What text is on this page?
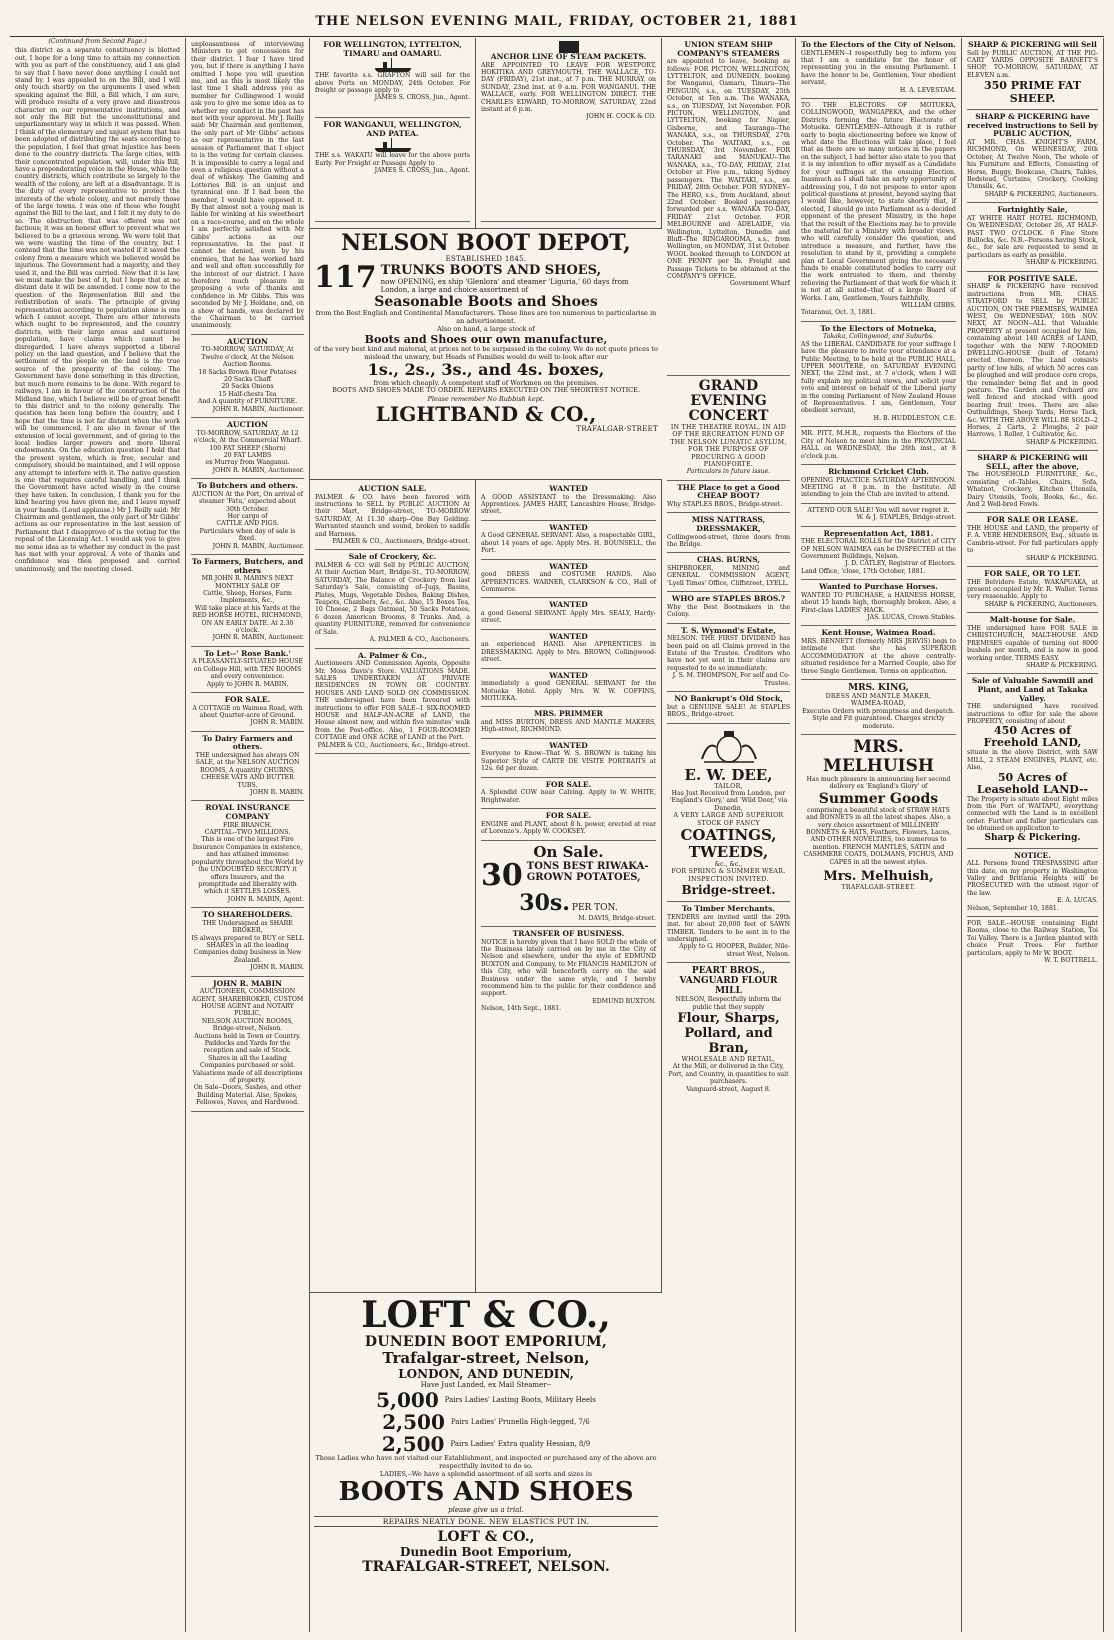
THE NELSON EVENING MAIL, FRIDAY, OCTOBER 21, 1881
(Continued from Second Page.)
this district as a separate constituency is blotted out, I hope for a long time to attain my connection with you as part of the constituency, and I am glad to say that I have never done anything I could not stand by. I was appealed to on the Bill, and I will only touch shortly on the arguments I used when speaking against the Bill, a Bill which, I am sure, will produce results of a very grave and disastrous character on our representative institutions, and not only the Bill but the unconstitutional and unparliamentary way in which it was passed. When I think of the elementary and unjust system that has been adopted of distributing the seats according to the population, I feel that great injustice has been done to the country districts. The large cities, with their concentrated population, will, under this Bill, have a preponderating voice in the House, while the country districts, which contribute so largely to the wealth of the colony, are left at a disadvantage. It is the duty of every representative to protect the interests of the whole colony, and not merely those of the large towns. I was one of those who fought against the Bill to the last, and I felt it my duty to do so. The obstruction that was offered was not factious; it was an honest effort to prevent what we believed to be a grievous wrong. We were told that we were wasting the time of the country, but I contend that the time was not wasted if it saved the colony from a measure which we believed would be injurious. The Government had a majority, and they used it, and the Bill was carried. Now that it is law, we must make the best of it, but I hope that at no distant date it will be amended. I come now to the question of the Representation Bill and the redistribution of seats. The principle of giving representation according to population alone is one which I cannot accept. There are other interests which ought to be represented, and the country districts, with their large areas and scattered population, have claims which cannot be disregarded. I have always supported a liberal policy on the land question, and I believe that the settlement of the people on the land is the true source of the prosperity of the colony. The Government have done something in this direction, but much more remains to be done. With regard to railways, I am in favour of the construction of the Midland line, which I believe will be of great benefit to this district and to the colony generally. The question has been long before the country, and I hope that the time is not far distant when the work will be commenced. I am also in favour of the extension of local government, and of giving to the local bodies larger powers and more liberal endowments. On the education question I hold that the present system, which is free, secular and compulsory, should be maintained, and I will oppose any attempt to interfere with it. The native question is one that requires careful handling, and I think the Government have acted wisely in the course they have taken. In conclusion, I thank you for the kind hearing you have given me, and I leave myself in your hands. (Loud applause.) Mr J. Reilly said: Mr Chairman and gentlemen, the only part of Mr Gibbs' actions as our representative in the last session of Parliament that I disapprove of is the voting for the repeal of the Licensing Act. I would ask you to give me some idea as to whether my conduct in the past has met with your approval. A vote of thanks and confidence was then proposed and carried unanimously, and the meeting closed.
unpleasantness of interviewing Ministers to get concessions for their district. I fear I have tired you, but if there is anything I have omitted I hope you will question me, and as this is most likely the last time I shall address you as member for Collingwood I would ask you to give me some idea as to whether my conduct in the past has met with your approval. Mr J. Reilly said: Mr Chairman and gentlemen, the only part of Mr Gibbs' actions as our representative in the last session of Parliament that I object to is the voting for certain clauses. It is impossible to carry a legal and even a religious question without a deal of whiskey. The Gaming and Lotteries Bill is an unjust and tyrannical one. If I had been the member, I would have opposed it. By that almost not a young man is liable for winking at his sweetheart on a race-course, and on the whole I am perfectly satisfied with Mr Gibbs' actions as our representative. In the past it cannot be denied, even by his enemies, that he has worked hard and well and often successfully for the interest of our district. I have therefore much pleasure in proposing a vote of thanks and confidence in Mr Gibbs. This was seconded by Mr J. Holdane, and, on a show of hands, was declared by the Chairman to be carried unanimously.
AUCTION
TO-MORROW, SATURDAY, At Twelve o'clock, At the Nelson Auction Rooms.
18 Sacks Brown River Potatoes
20 Sacks Chaff
20 Sacks Onions
15 Half-chests Tea
And A quantity of FURNITURE.
JOHN R. MABIN, Auctioneer.
AUCTION
TO-MORROW, SATURDAY, At 12 o'clock, At the Commercial Wharf.
100 FAT SHEEP (Shorn)
20 FAT LAMBS
ex Murray from Wanganui.
JOHN R. MABIN, Auctioneer.
To Butchers and others.
AUCTION At the Port, On arrival of steamer 'Fatu,' expected about 30th October.
Her cargo of
CATTLE AND PIGS.
Particulars when day of sale is fixed.
JOHN R. MABIN, Auctioneer.
To Farmers, Butchers, and others
MR JOHN R. MABIN'S NEXT MONTHLY SALE OF
Cattle, Sheep, Horses, Farm Implements, &c.,
Will take place at his Yards at the RED HORSE HOTEL, RICHMOND,
ON AN EARLY DATE. At 2.30 o'clock.
JOHN R. MABIN, Auctioneer.
To Let--' Rose Bank.'
A PLEASANTLY-SITUATED HOUSE on College Hill, with TEN ROOMS and every convenience.
Apply to JOHN R. MABIN.
FOR SALE.
A COTTAGE on Waimea Road, with about Quarter-acre of Ground.
JOHN R. MABIN.
To Dairy Farmers and others.
THE undersigned has always ON SALE, at the NELSON AUCTION ROOMS, A quantity CHURNS, CHEESE VATS AND BUTTER TUBS.
JOHN R. MABIN.
ROYAL INSURANCE COMPANY
FIRE BRANCH.
CAPITAL--TWO MILLIONS.
This is one of the largest Fire Insurance Companies in existence, and has attained immense popularity throughout the World by the UNDOUBTED SECURITY it offers Insurers, and the promptitude and liberality with which it SETTLES LOSSES.
JOHN R. MABIN, Agent.
TO SHAREHOLDERS.
THE Undersigned as SHARE BROKER,
IS always prepared to BUY or SELL SHARES in all the leading Companies doing business in New Zealand.
JOHN R. MABIN.
JOHN R. MABIN
AUCTIONEER, COMMISSION AGENT, SHAREBROKER, CUSTOM HOUSE AGENT and NOTARY PUBLIC,
NELSON AUCTION ROOMS, Bridge-street, Nelson.
Auctions held in Town or Country. Paddocks and Yards for the reception and sale of Stock.
Shares in all the Leading Companies purchased or sold.
Valuations made of all descriptions of property.
On Sale--Doors, Sashes, and other Building Material. Also, Spokes, Fellowes, Naves, and Hardwood.
FOR WELLINGTON, LYTTELTON, TIMARU and OAMARU.
THE favorite s.s. GRAFTON will sail for the above Ports on MONDAY, 24th October. For freight or passage apply to
JAMES S. CROSS, Jun., Agent.
FOR WANGANUI, WELLINGTON, AND PATEA.
THE s.s. WAKATU will leave for the above ports Early. For Freight or Passage Apply to
JAMES S. CROSS, Jun., Agent.
ANCHOR LINE OF STEAM PACKETS.
ARE APPOINTED TO LEAVE FOR WESTPORT, HOKITIKA AND GREYMOUTH. THE WALLACE, TO-DAY (FRIDAY), 21st inst., at 7 p.m. THE MURRAY, on SUNDAY, 23nd inst. at 9 a.m. FOR WANGANUI. THE WALLACE, early. FOR WELLINGTON DIRECT. THE CHARLES EDWARD, TO-MORROW, SATURDAY, 22nd instant at 6 p.m.
JOHN H. COCK & CO.
UNION STEAM SHIP COMPANY'S STEAMERS
are appointed to leave, booking as follows: FOR PICTON, WELLINGTON, LYTTELTON, and DUNEDIN, booking for Wanganui, Oamaru, Timaru--The PENGUIN, s.s., on TUESDAY, 25th October, at Ten a.m. The WANAKA, s.s., on TUESDAY, 1st November. FOR PICTON, WELLINGTON, and LYTTELTON, booking for Napier, Gisborne, and Tauranga--The WANAKA, s.s., on THURSDAY, 27th October. The WAITAKI, s.s., on THURSDAY, 3rd November. FOR TARANAKI and MANUKAU--The WANAKA, s.s., TO-DAY, FRIDAY, 21st October at Five p.m., taking Sydney passengers. The WAITAKI, s.s., on FRIDAY, 28th October. FOR SYDNEY--The HERO, s.s., from Auckland, about 22nd October. Booked passengers forwarded per s.s. WANAKA TO-DAY, FRIDAY 21st October. FOR MELBOURNE and ADELAIDE, via Wellington, Lyttelton, Dunedin and Bluff--The RINGAROOMA, s.s., from Wellington, on MONDAY, 31st October. WOOL booked through to LONDON at ONE PENNY per lb. Freight and Passage Tickets to be obtained at the COMPANY'S OFFICE.
Government Wharf
GRAND EVENING CONCERT
IN THE THEATRE ROYAL, IN AID OF THE RECREATION FUND OF THE NELSON LUNATIC ASYLUM,
FOR THE PURPOSE OF PROCURING A GOOD PIANOFORTE.
Particulars in future issue.
THE Place to get a Good CHEAP BOOT?
Why STAPLES BROS., Bridge-street.
MISS NATTRASS, DRESSMAKER,
Collingwood-street, three doors from the Bridge.
CHAS. BURNS,
SHIPBROKER, MINING and GENERAL COMMISSION AGENT, 'Lyell Times' Office, Cliffstreet, LYELL.
WHO are STAPLES BROS.?
Why the Best Bootmakers in the Colony.
T. S. Wymond's Estate,
NELSON. THE FIRST DIVIDEND has been paid on all Claims proved in the Estate of the Trustee. Creditors who have not yet sent in their claims are requested to do so immediately.
J. S. M. THOMPSON, For self and Co-Trustee.
NO Bankrupt's Old Stock,
but a GENUINE SALE! At STAPLES BROS., Bridge-street.
E. W. DEE,
TAILOR,
Has Just Received from London, per 'England's Glory,' and 'Wild Deer,' via Dunedin,
A VERY LARGE AND SUPERIOR STOCK OF FANCY
COATINGS,
TWEEDS,
&c., &c.,
FOR SPRING & SUMMER WEAR.
INSPECTION INVITED.
Bridge-street.
To Timber Merchants.
TENDERS are invited until the 29th inst. for about 20,000 feet of SAWN TIMBER. Tenders to be sent in to the undersigned.
Apply to G. HOOPER, Builder, Nile-street West, Nelson.
PEART BROS.,
VANGUARD FLOUR MILL
NELSON, Respectfully inform the public that they supply
Flour, Sharps, Pollard, and Bran,
WHOLESALE AND RETAIL,
At the Mill, or delivered in the City, Port, and Country, in quantities to suit purchasers.
Vanguard-street, August 8.
To the Electors of the City of Nelson.
GENTLEMEN--I respectfully beg to inform you that I am a candidate for the honor of representing you in the ensuing Parliament. I have the honor to be, Gentlemen, Your obedient servant,
H. A. LEVESTAM.
TO THE ELECTORS OF MOTUEKA, COLLINGWOOD, WANGAPEKA, and the other Districts forming the future Electorate of Motueka. GENTLEMEN--Although it is rather early to begin electioneering before we know of what date the Elections will take place, I feel that as there are so many notices in the papers on the subject, I had better also state to you that it is my intention to offer myself as a Candidate for your suffrages at the ensuing Election. Inasmuch as I shall take an early opportunity of addressing you, I do not propose to enter upon political questions at present, beyond saying that I would like, however, to state shortly that, if elected, I should go into Parliament as a decided opponent of the present Ministry, in the hope that the result of the Elections may be to provide the material for a Ministry with broader views, who will carefully consider the question, and introduce a measure, and further, have the resolution to stand by it, providing a complete plan of Local Government giving the necessary funds to enable constituted bodies to carry out the work entrusted to them, and thereby relieving the Parliament of that work for which it is not at all suited--that of a large Board of Works. I am, Gentlemen, Yours faithfully,
WILLIAM GIBBS.
Totaranui, Oct. 3, 1881.
To the Electors of Motueka,
Takaka, Collingwood, and Suburbs.
AS the LIBERAL CANDIDATE for your suffrage I have the pleasure to invite your attendance at a Public Meeting, to be held at the PUBLIC HALL, UPPER MOUTERE, on SATURDAY EVENING NEXT, the 22nd inst., at 7 o'clock, when I will fully explain my political views, and solicit your vote and interest on behalf of the Liberal party in the coming Parliament of New Zealand House of Representatives. I am, Gentlemen, Your obedient servant,
H. B. HUDDLESTON, C.E.
MR. PITT, M.H.R., requests the Electors of the City of Nelson to meet him in the PROVINCIAL HALL on WEDNESDAY, the 26th inst., at 8 o'clock p.m.
Richmond Cricket Club.
OPENING PRACTICE SATURDAY AFTERNOON. MEETING at 8 p.m. in the Institute. All intending to join the Club are invited to attend.
ATTEND OUR SALE! You will never regret it.
W. & J. STAPLES, Bridge-street.
Representation Act, 1881.
THE ELECTORAL ROLLS for the District of CITY OF NELSON WAIMEA can be INSPECTED at the Government Buildings, Nelson.
J. D. CATLEY, Registrar of Electors.
Land Office, 'close, 17th October, 1881.
Wanted to Purchase Horses.
WANTED TO PURCHASE, a HARNESS HORSE, about 15 hands high, thoroughly broken. Also, a First-class LADIES' HACK.
JAS. LUCAS, Crown Stables.
Kent House, Waimea Road.
MRS. BENNETT (formerly MRS JERVIS) begs to intimate that she has SUPERIOR ACCOMMODATION at the above centrally-situated residence for a Married Couple, also for three Single Gentlemen. Terms on application.
MRS. KING,
DRESS AND MANTLE MAKER,
WAIMEA-ROAD,
Executes Orders with promptness and despatch. Style and Fit guaranteed. Charges strictly moderate.
MRS. MELHUISH
Has much pleasure in announcing her second delivery ex 'England's Glory' of
Summer Goods
comprising a beautiful stock of STRAW HATS and BONNETS in all the latest shapes. Also, a very choice assortment of MILLINERY BONNETS & HATS, Feathers, Flowers, Laces, AND OTHER NOVELTIES, too numerous to mention. FRENCH MANTLES, SATIN and CASHMERE COATS, DOLMANS, FICHUS, AND CAPES in all the newest styles.
Mrs. Melhuish,
TRAFALGAR-STREET.
SHARP & PICKERING will Sell
Sell by PUBLIC AUCTION, AT THE PIG-CART YARDS OPPOSITE BARNETT'S SHOP, TO-MORROW, SATURDAY, AT ELEVEN a.m.
350 PRIME FAT SHEEP.
SHARP & PICKERING have received instructions to Sell by PUBLIC AUCTION,
AT MR. CHAS. KNIGHT'S FARM, RICHMOND, On WEDNESDAY, 26th October, At Twelve Noon, The whole of his Furniture and Effects, Consisting of Horse, Buggy, Bookcase, Chairs, Tables, Bedstead, Curtains, Crockery, Cooking Utensils, &c.
SHARP & PICKERING, Auctioneers.
Fortnightly Sale,
AT WHITE HART HOTEL RICHMOND, On WEDNESDAY, October 26, AT HALF-PAST TWO O'CLOCK. 6 Fine Store Bullocks, &c. N.B.--Persons having Stock, &c., for sale are requested to send in particulars as early as possible.
SHARP & PICKERING.
FOR POSITIVE SALE.
SHARP & PICKERING have received instructions from MR. CHAS. STRATFORD to SELL by PUBLIC AUCTION, ON THE PREMISES, WAIMEA WEST, On WEDNESDAY, 16th NOV. NEXT, AT NOON--ALL that Valuable PROPERTY at present occupied by him, containing about 140 ACRES of LAND, together with the NEW 7-ROOMED DWELLING-HOUSE (built of Totara) erected thereon. The Land consists partly of low hills, of which 50 acres can be ploughed and will produce corn crops, the remainder being flat and in good pasture. The Garden and Orchard are well fenced and stocked with good bearing fruit trees. There are also Outbuildings, Sheep Yards, Horse Tack, &c. WITH THE ABOVE WILL BE SOLD--2 Horses, 2 Carts, 2 Ploughs, 2 pair Harrows, 1 Roller, 1 Cultivator, &c.
SHARP & PICKERING.
SHARP & PICKERING will SELL, after the above,
The HOUSEHOLD FURNITURE, &c., consisting of--Tables, Chairs, Sofa, Whatnot, Crockery, Kitchen Utensils, Dairy Utensils, Tools, Books, &c., &c. And 2 Well-bred Fowls.
FOR SALE OR LEASE.
THE HOUSE and LAND, the property of F. A. VERE HENDERSON, Esq., situate in Cambria-street. For full particulars apply to
SHARP & PICKERING.
FOR SALE, OR TO LET.
THE Belvidere Estate, WAKAPUAKA, at present occupied by Mr. R. Waller. Terms very reasonable. Apply to
SHARP & PICKERING, Auctioneers.
Malt-house for Sale.
THE undersigned have FOR SALE in CHRISTCHURCH, MALT-HOUSE AND PREMISES capable of turning out 8000 bushels per month, and is now in good working order. TERMS EASY.
SHARP & PICKERING.
Sale of Valuable Sawmill and Plant, and Land at Takaka Valley.
THE undersigned have received instructions to offer for sale the above PROPERTY, consisting of about
450 Acres of Freehold LAND,
situate in the above District, with SAW MILL, 2 STEAM ENGINES, PLANT, etc. Also,
50 Acres of Leasehold LAND--
The Property is situate about Eight miles from the Port of WAITAPU, everything connected with the Land is in excellent order. Further and fuller particulars can be obtained on application to
Sharp & Pickering.
NOTICE.
ALL Persons found TRESPASSING after this date, on my property in Washington Valley and Brittania Heights will be PROSECUTED with the utmost rigor of the law.
E. A. LUCAS.
Nelson, September 10, 1881.
FOR SALE.--HOUSE containing Eight Rooms, close to the Railway Station, Toi Toi Valley. There is a Jarden planted with choice Fruit Trees. For further particulars, apply to Mr W. BOOT.
W. T. BOTTRELL.
NELSON BOOT DEPOT,
ESTABLISHED 1845.
117 TRUNKS BOOTS AND SHOES,
now OPENING, ex ship 'Glenlora' and steamer 'Liguria,' 60 days from London, a large and choice assortment of
Seasonable Boots and Shoes
from the Best English and Continental Manufacturers. These lines are too numerous to particularise in an advertisement.
Also on hand, a large stock of
Boots and Shoes our own manufacture,
of the very best kind and material, at prices not to be surpassed in the colony. We do not quote prices to mislead the unwary, but Heads of Families would do well to look after our
1s., 2s., 3s., and 4s. boxes,
from which cheaply. A competent staff of Workmen on the premises.
BOOTS AND SHOES MADE TO ORDER. REPAIRS EXECUTED ON THE SHORTEST NOTICE.
Please remember No Rubbish kept.
LIGHTBAND & CO.,
TRAFALGAR-STREET
AUCTION SALE.
PALMER & CO. have been favored with instructions to SELL by PUBLIC AUCTION At their Mart, Bridge-street, TO-MORROW SATURDAY, At 11.30 sharp--One Bay Gelding. Warranted staunch and sound, broken to saddle and Harness.
PALMER & CO., Auctioneers, Bridge-street.
Sale of Crockery, &c.
PALMER & CO. will Sell by PUBLIC AUCTION, At their Auction Mart, Bridge-St., TO-MORROW, SATURDAY, The Balance of Crockery from last Saturday's Sale, consisting of--Jugs, Basins, Plates, Mugs, Vegetable Dishes, Baking Dishes, Teapots, Chambers, &c., &c. Also, 15 Boxes Tea, 10 Cheese, 2 Bags Oatmeal, 50 Sacks Potatoes, 6 dozen American Brooms, 8 Trunks. And, a quantity FURNITURE, removed for convenience of Sale.
A. PALMER & CO., Auctioneers.
A. Palmer & Co.,
Auctioneers AND Commission Agents, Opposite Mr. Moss Davis's Store. VALUATIONS MADE. SALES UNDERTAKEN AT PRIVATE RESIDENCES IN TOWN OR COUNTRY. HOUSES AND LAND SOLD ON COMMISSION. THE undersigned have been favoured with instructions to offer FOR SALE--1 SIX-ROOMED HOUSE and HALF-AN-ACRE of LAND, the House almost new, and within five minutes' walk from the Post-office. Also, 1 FOUR-ROOMED COTTAGE and ONE ACRE of LAND at the Port.
PALMER & CO., Auctioneers, &c., Bridge-street.
WANTED
A GOOD ASSISTANT to the Dressmaking. Also Apprentices. JAMES HART, Lancashire House, Bridge-street.
WANTED
A Good GENERAL SERVANT. Also, a respectable GIRL, about 14 years of age. Apply Mrs. H. BOUNSELL, the Port.
WANTED
good DRESS and COSTUME HANDS. Also APPRENTICES. WARNER, CLARKSON & CO., Hall of Commerce.
WANTED
a good General SERVANT. Apply Mrs. SEALY, Hardy-street.
WANTED
an experienced HAND. Also APPRENTICES in DRESSMAKING. Apply to Mrs. BROWN, Collingwood-street.
WANTED
immediately a good GENERAL SERVANT for the Motueka Hotel. Apply Mrs. W. W. COFFINS, MOTUEKA.
MRS. PRIMMER
and MISS BURTON, DRESS AND MANTLE MAKERS, High-street, RICHMOND.
WANTED
Everyone to Know--That W. S. BROWN is taking his Superior Style of CARTE DE VISITE PORTRAITS at 12s. 6d per dozen.
FOR SALE.
A Splendid COW near Calving. Apply to W. WHITE, Brightwater.
FOR SALE.
ENGINE and PLANT, about 8 h. power, erected at rear of Lorenzo's. Apply W. COOKSEY.
On Sale.
30 TONS BEST RIWAKA-GROWN POTATOES,
30s. PER TON.
M. DAVIS, Bridge-street.
TRANSFER OF BUSINESS.
NOTICE is hereby given that I have SOLD the whole of the Business lately carried on by me in the City of Nelson and elsewhere, under the style of EDMUND BUXTON and Company, to Mr FRANCIS HAMILTON of this City, who will henceforth carry on the said Business under the same style, and I hereby recommend him to the public for their confidence and support.
EDMUND BUXTON.
Nelson, 14th Sept., 1881.
LOFT & CO.,
DUNEDIN BOOT EMPORIUM,
Trafalgar-street, Nelson,
LONDON, AND DUNEDIN,
Have Just Landed, ex Mail Steamer--
5,000 Pairs Ladies' Lasting Boots, Military Heels
2,500 Pairs Ladies' Prunella High-legged, 7/6
2,500 Pairs Ladies' Extra quality Hessian, 8/9
Those Ladies who have not visited our Establishment, and inspected or purchased any of the above are respectfully invited to do so.
LADIES,--We have a splendid assortment of all sorts and sizes in
BOOTS AND SHOES
please give us a trial.
REPAIRS NEATLY DONE. NEW ELASTICS PUT IN.
LOFT & CO.,
Dunedin Boot Emporium,
TRAFALGAR-STREET, NELSON.
